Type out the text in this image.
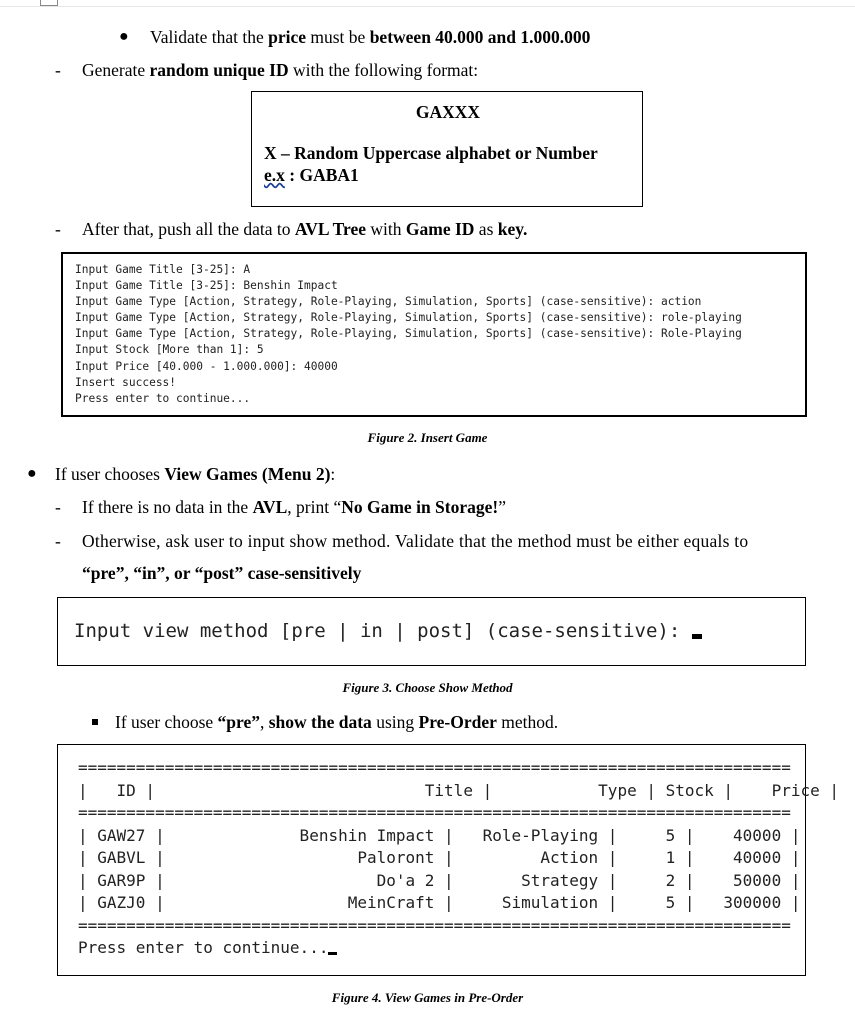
● Validate that the price must be between 40.000 and 1.000.000
- Generate random unique ID with the following format:
GAXXX
X – Random Uppercase alphabet or Number
e.x : GABA1
- After that, push all the data to AVL Tree with Game ID as key.
Input Game Title [3-25]: A
Input Game Title [3-25]: Benshin Impact
Input Game Type [Action, Strategy, Role-Playing, Simulation, Sports] (case-sensitive): action
Input Game Type [Action, Strategy, Role-Playing, Simulation, Sports] (case-sensitive): role-playing
Input Game Type [Action, Strategy, Role-Playing, Simulation, Sports] (case-sensitive): Role-Playing
Input Stock [More than 1]: 5
Input Price [40.000 - 1.000.000]: 40000
Insert success!
Press enter to continue...
Figure 2. Insert Game
● If user chooses View Games (Menu 2):
- If there is no data in the AVL, print “No Game in Storage!”
- Otherwise, ask user to input show method. Validate that the method must be either equals to
“pre”, “in”, or “post” case-sensitively
Input view method [pre | in | post] (case-sensitive):
Figure 3. Choose Show Method
If user choose “pre”, show the data using Pre-Order method.
==========================================================================
|   ID |                            Title |           Type | Stock |    Price |
==========================================================================
| GAW27 |              Benshin Impact |   Role-Playing |     5 |    40000 |
| GABVL |                    Paloront |         Action |     1 |    40000 |
| GAR9P |                      Do'a 2 |       Strategy |     2 |    50000 |
| GAZJ0 |                   MeinCraft |     Simulation |     5 |   300000 |
==========================================================================
Press enter to continue...
Figure 4. View Games in Pre-Order
